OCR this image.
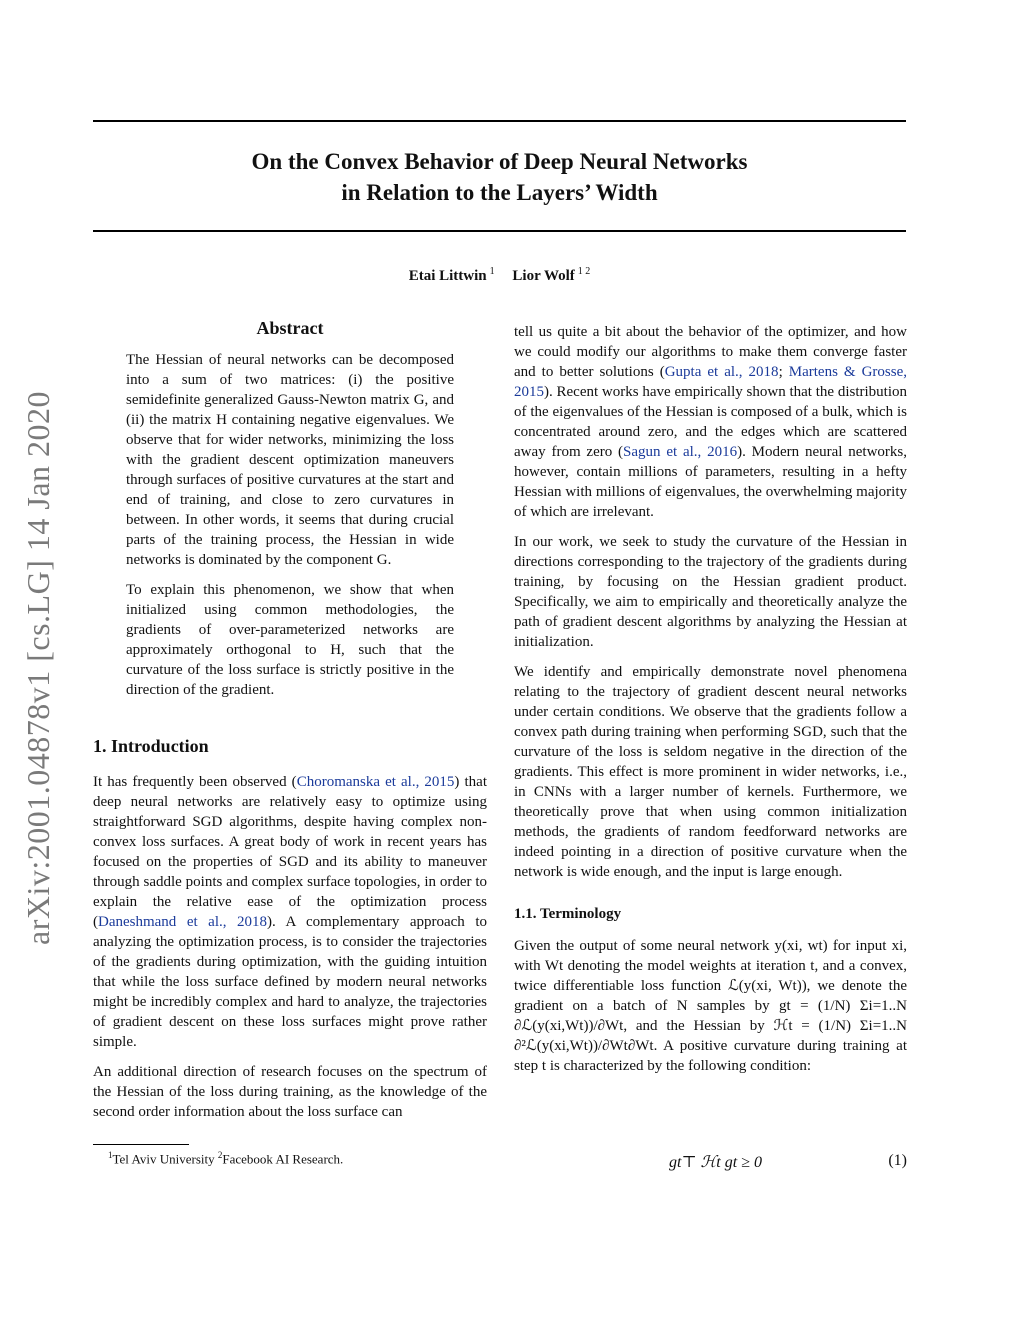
On the Convex Behavior of Deep Neural Networks
in Relation to the Layers’ Width
Etai Littwin $^1$ Lior Wolf $^{1 2}$
arXiv:2001.04878v1 [cs.LG] 14 Jan 2020
Abstract

The Hessian of neural networks can be decomposed into a sum of two matrices: (i) the positive semidefinite generalized Gauss-Newton matrix G, and (ii) the matrix H containing negative eigenvalues. We observe that for wider networks, minimizing the loss with the gradient descent optimization maneuvers through surfaces of positive curvatures at the start and end of training, and close to zero curvatures in between. In other words, it seems that during crucial parts of the training process, the Hessian in wide networks is dominated by the component G.

To explain this phenomenon, we show that when initialized using common methodologies, the gradients of over-parameterized networks are approximately orthogonal to H, such that the curvature of the loss surface is strictly positive in the direction of the gradient.

1. Introduction

It has frequently been observed (Choromanska et al., 2015) that deep neural networks are relatively easy to optimize using straightforward SGD algorithms, despite having complex non-convex loss surfaces. A great body of work in recent years has focused on the properties of SGD and its ability to maneuver through saddle points and complex surface topologies, in order to explain the relative ease of the optimization process (Daneshmand et al., 2018). A complementary approach to analyzing the optimization process, is to consider the trajectories of the gradients during optimization, with the guiding intuition that while the loss surface defined by modern neural networks might be incredibly complex and hard to analyze, the trajectories of gradient descent on these loss surfaces might prove rather simple.

An additional direction of research focuses on the spectrum of the Hessian of the loss during training, as the knowledge of the second order information about the loss surface can

tell us quite a bit about the behavior of the optimizer, and how we could modify our algorithms to make them converge faster and to better solutions (Gupta et al., 2018; Martens & Grosse, 2015). Recent works have empirically shown that the distribution of the eigenvalues of the Hessian is composed of a bulk, which is concentrated around zero, and the edges which are scattered away from zero (Sagun et al., 2016). Modern neural networks, however, contain millions of parameters, resulting in a hefty Hessian with millions of eigenvalues, the overwhelming majority of which are irrelevant.

In our work, we seek to study the curvature of the Hessian in directions corresponding to the trajectory of the gradients during training, by focusing on the Hessian gradient product. Specifically, we aim to empirically and theoretically analyze the path of gradient descent algorithms by analyzing the Hessian at initialization.

We identify and empirically demonstrate novel phenomena relating to the trajectory of gradient descent neural networks under certain conditions. We observe that the gradients follow a convex path during training when performing SGD, such that the curvature of the loss is seldom negative in the direction of the gradients. This effect is more prominent in wider networks, i.e., in CNNs with a larger number of kernels. Furthermore, we theoretically prove that when using common initialization methods, the gradients of random feedforward networks are indeed pointing in a direction of positive curvature when the network is wide enough, and the input is large enough.

1.1. Terminology

Given the output of some neural network y(xi, wt) for input xi, with Wt denoting the model weights at iteration t, and a convex, twice differentiable loss function ℒ(y(xi, Wt)), we denote the gradient on a batch of N samples by gt = (1/N) Σi=1..N ∂ℒ(y(xi,Wt))/∂Wt, and the Hessian by ℋt = (1/N) Σi=1..N ∂²ℒ(y(xi,Wt))/∂Wt∂Wt. A positive curvature during training at step t is characterized by the following condition:

gt⊤ ℋt gt ≥ 0	(1)
$^1$Tel Aviv University $^2$Facebook AI Research.
